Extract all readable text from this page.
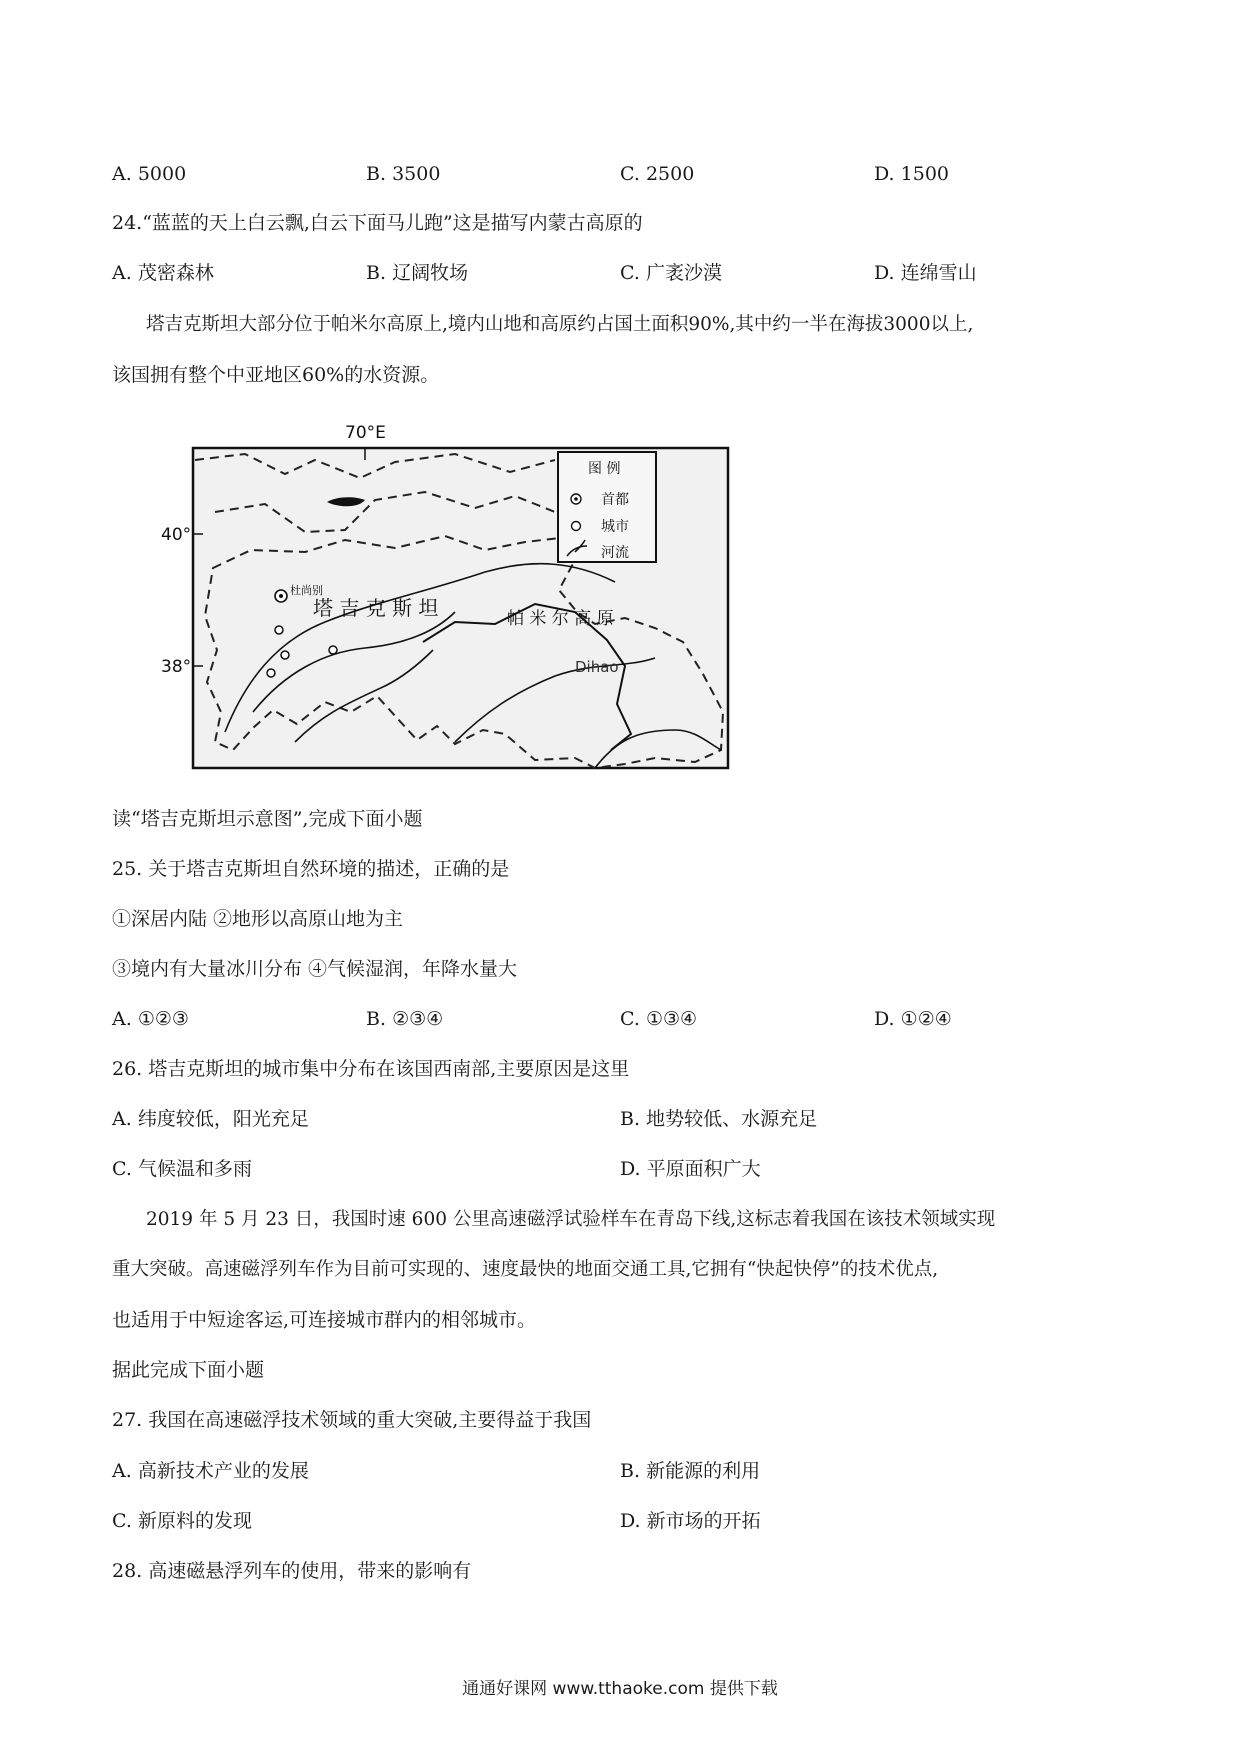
A. 5000	B. 3500	C. 2500	D. 1500
24.“蓝蓝的天上白云飘,白云下面马儿跑”这是描写内蒙古高原的
A. 茂密森林	B. 辽阔牧场	C. 广袤沙漠	D. 连绵雪山
塔吉克斯坦大部分位于帕米尔高原上,境内山地和高原约占国土面积90%,其中约一半在海拔3000以上,
该国拥有整个中亚地区60%的水资源。
70°E
40°
38°
杜尚别
塔 吉 克 斯 坦	帕 米 尔 高 原
Dihao
图 例
首都
城市
河流
读“塔吉克斯坦示意图”,完成下面小题
25. 关于塔吉克斯坦自然环境的描述，正确的是
①深居内陆 ②地形以高原山地为主
③境内有大量冰川分布 ④气候湿润，年降水量大
A. ①②③	B. ②③④	C. ①③④	D. ①②④
26. 塔吉克斯坦的城市集中分布在该国西南部,主要原因是这里
A. 纬度较低，阳光充足	B. 地势较低、水源充足
C. 气候温和多雨	D. 平原面积广大
2019 年 5 月 23 日，我国时速 600 公里高速磁浮试验样车在青岛下线,这标志着我国在该技术领域实现
重大突破。高速磁浮列车作为目前可实现的、速度最快的地面交通工具,它拥有“快起快停”的技术优点,
也适用于中短途客运,可连接城市群内的相邻城市。
据此完成下面小题
27. 我国在高速磁浮技术领域的重大突破,主要得益于我国
A. 高新技术产业的发展	B. 新能源的利用
C. 新原料的发现	D. 新市场的开拓
28. 高速磁悬浮列车的使用，带来的影响有
通通好课网 www.tthaoke.com 提供下载
